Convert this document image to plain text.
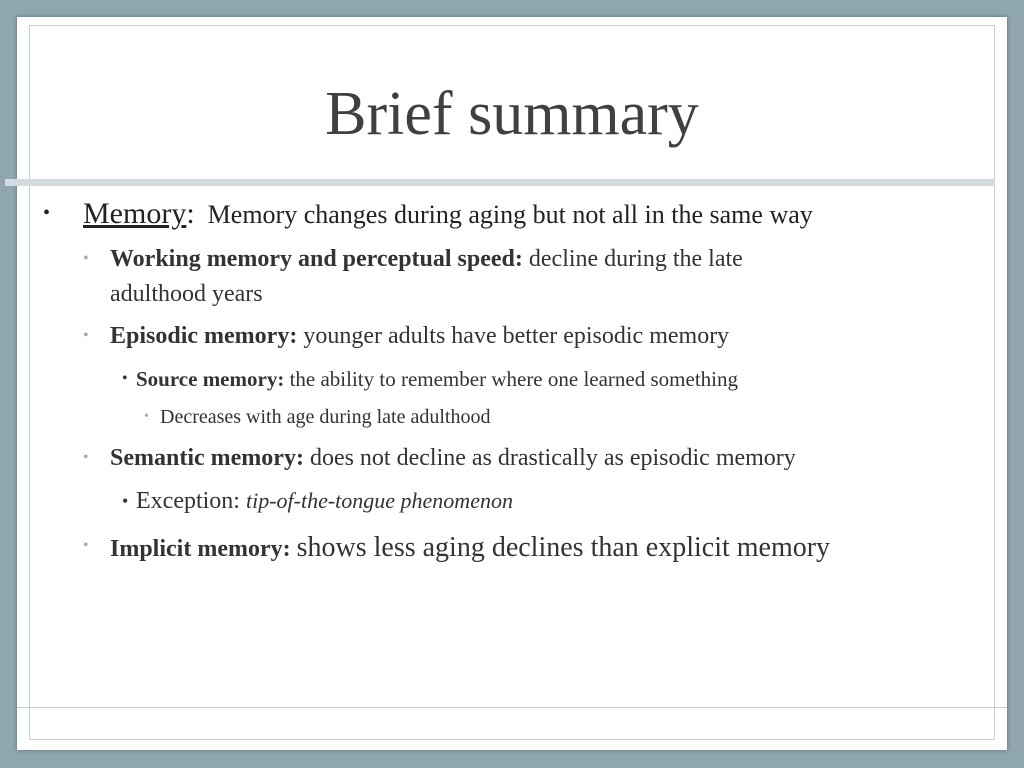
Brief summary
• Memory: Memory changes during aging but not all in the same way
• Working memory and perceptual speed: decline during the late
adulthood years
• Episodic memory: younger adults have better episodic memory
• Source memory: the ability to remember where one learned something
• Decreases with age during late adulthood
• Semantic memory: does not decline as drastically as episodic memory
• Exception: tip-of-the-tongue phenomenon
• Implicit memory: shows less aging declines than explicit memory
